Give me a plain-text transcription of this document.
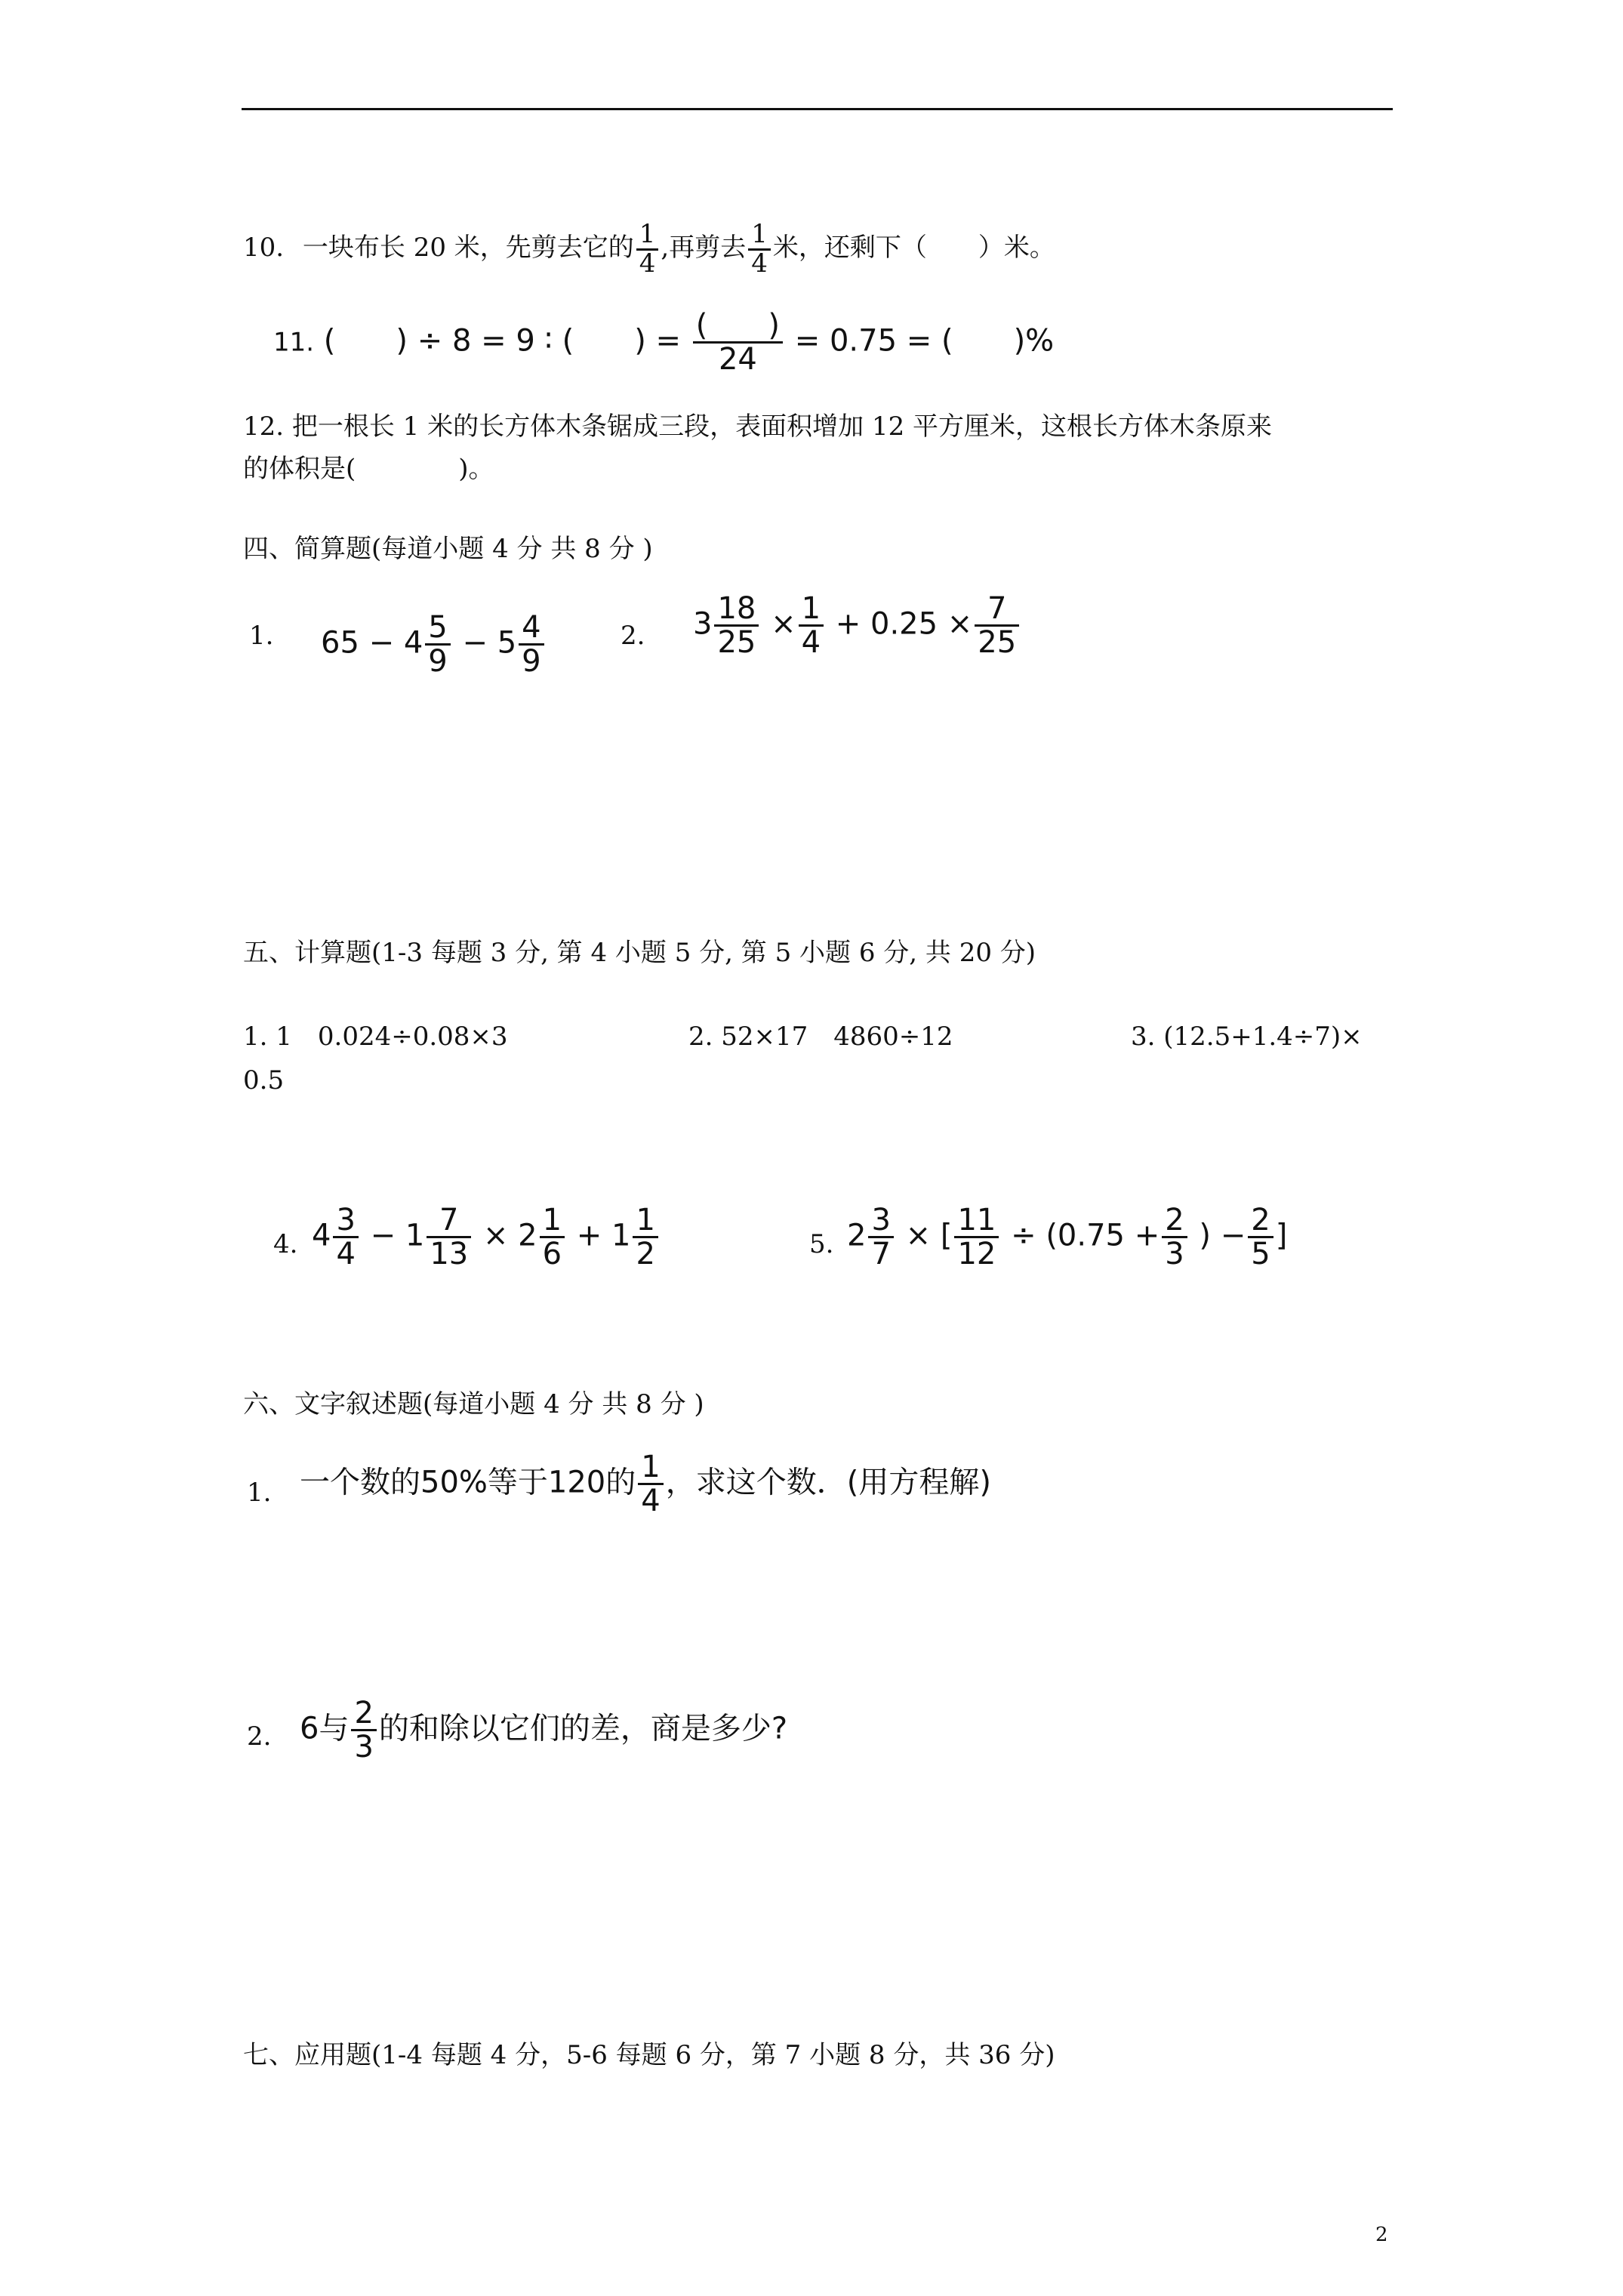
10. 一块布长 20 米，先剪去它的 $\frac{1}{4}$ ,再剪去 $\frac{1}{4}$ 米，还剩下（　　）米。
11. (　　) ÷ 8 = 9 ∶ (　　) = $\frac{( )}{24} = 0.75$ = (　　)%
12. 把一根长 1 米的长方体木条锯成三段，表面积增加 12 平方厘米，这根长方体木条原来
的体积是(　　　　)。
四、简算题(每道小题 4 分 共 8 分 )
1. $65 - 4 \frac{5}{9} - 5 \frac{4}{9}$	2. $3 \frac{18}{25} \times \frac{1}{4} + 0.25 \times \frac{7}{25}$
五、计算题(1-3 每题 3 分, 第 4 小题 5 分, 第 5 小题 6 分, 共 20 分)
1. 1　0.024÷0.08×3	2. 52×17　4860÷12	3. (12.5+1.4÷7)×
0.5
4. $4 \frac{3}{4} - 1 \frac{7}{13} \times 2 \frac{1}{6} + 1 \frac{1}{2}$	5. $2 \frac{3}{7}$ × [ $\frac{11}{12} \div (0.75 + \frac{2}{3}$ ) − $\frac{2}{5}$ ]
六、文字叙述题(每道小题 4 分 共 8 分 )
1. 一个数的50%等于120的 $\frac{1}{4}$ ，求这个数．(用方程解)
2. 6与 $\frac{2}{3}$ 的和除以它们的差，商是多少?
七、应用题(1-4 每题 4 分，5-6 每题 6 分，第 7 小题 8 分，共 36 分)
2
